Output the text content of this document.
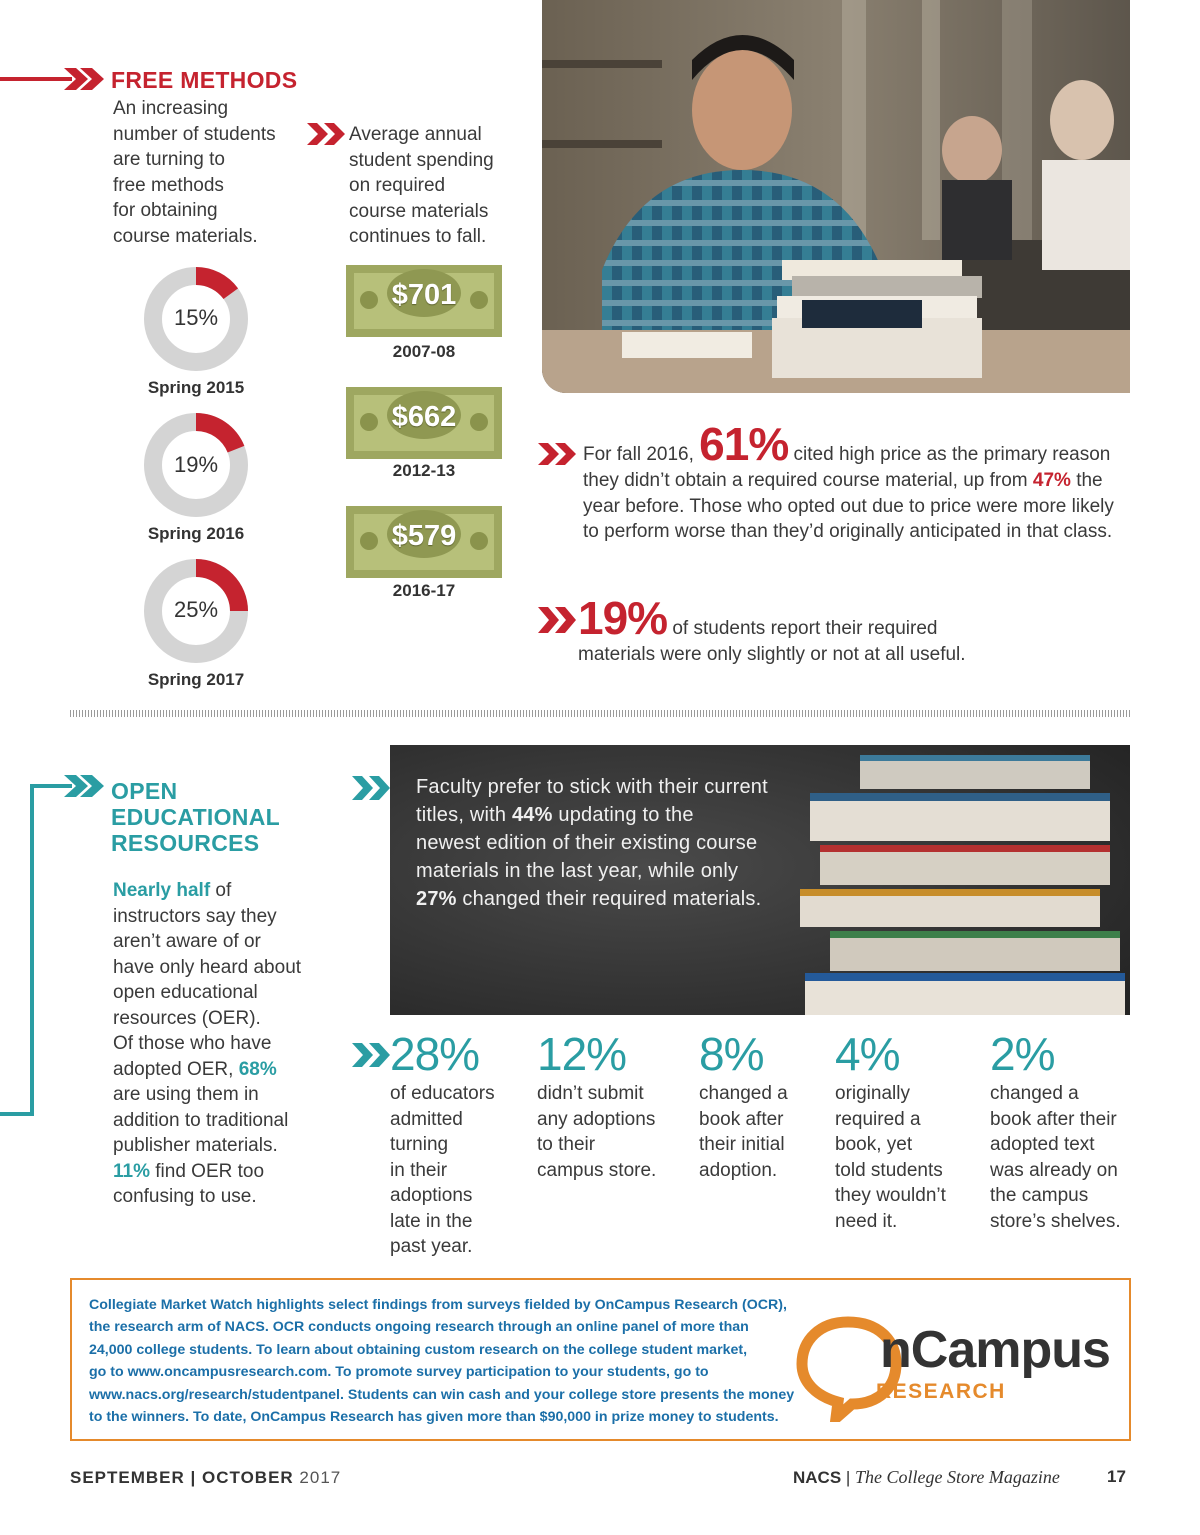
FREE METHODS
An increasing
number of students
are turning to
free methods
for obtaining
course materials.
Spring 2015
Spring 2016
Spring 2017
15%
19%
25%
Average annual
student spending
on required
course materials
continues to fall.
$701
2007-08
$662
2012-13
$579
2016-17
For fall 2016, 61% cited high price as the primary reason
they didn’t obtain a required course material, up from 47% the
year before. Those who opted out due to price were more likely
to perform worse than they’d originally anticipated in that class.
19% of students report their required
materials were only slightly or not at all useful.
OPEN
EDUCATIONAL
RESOURCES
Nearly half of
instructors say they
aren’t aware of or
have only heard about
open educational
resources (OER).
Of those who have
adopted OER, 68%
are using them in
addition to traditional
publisher materials.
11% find OER too
confusing to use.
Faculty prefer to stick with their current
titles, with 44% updating to the
newest edition of their existing course
materials in the last year, while only
27% changed their required materials.
28%
of educators
admitted
turning
in their
adoptions
late in the
past year.
12%
didn’t submit
any adoptions
to their
campus store.
8%
changed a
book after
their initial
adoption.
4%
originally
required a
book, yet
told students
they wouldn’t
need it.
2%
changed a
book after their
adopted text
was already on
the campus
store’s shelves.
Collegiate Market Watch highlights select findings from surveys fielded by OnCampus Research (OCR),
the research arm of NACS. OCR conducts ongoing research through an online panel of more than
24,000 college students. To learn about obtaining custom research on the college student market,
go to www.oncampusresearch.com. To promote survey participation to your students, go to
www.nacs.org/research/studentpanel. Students can win cash and your college store presents the money
to the winners. To date, OnCampus Research has given more than $90,000 in prize money to students.
nCampus
RESEARCH
SEPTEMBER | OCTOBER 2017	NACS | The College Store Magazine	17
